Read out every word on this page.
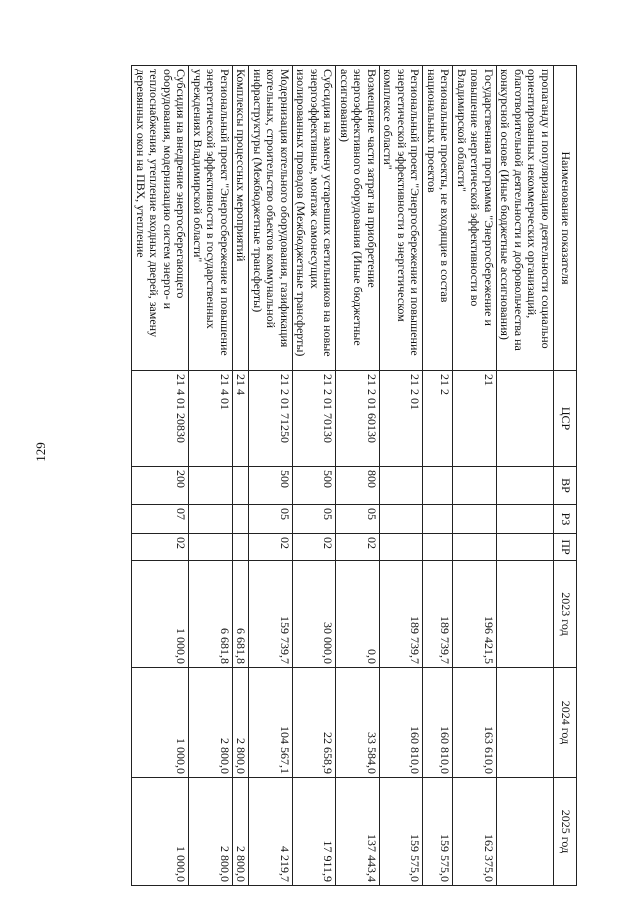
129
Наименование показателя	ЦСР	ВР	РЗ	ПР	2023 год	2024 год	2025 год
пропаганду и популяризацию деятельности социально ориентированных некоммерческих организаций, благотворительной деятельности и добровольчества на конкурсной основе (Иные бюджетные ассигнования)							
Государственная программа "Энергосбережение и повышение энергетической эффективности во Владимирской области"	21				196 421,5	163 610,0	162 375,0
Региональные проекты, не входящие в состав национальных проектов	21 2				189 739,7	160 810,0	159 575,0
Региональный проект "Энергосбережение и повышение энергетической эффективности в энергетическом комплексе области"	21 2 01				189 739,7	160 810,0	159 575,0
Возмещение части затрат на приобретение энергоэффективного оборудования (Иные бюджетные ассигнования)	21 2 01 60130	800	05	02	0,0	33 584,0	137 443,4
Субсидия на замену устаревших светильников на новые энергоэффективные, монтаж самонесущих изолированных проводов (Межбюджетные трансферты)	21 2 01 70130	500	05	02	30 000,0	22 658,9	17 911,9
Модернизация котельного оборудования, газификация котельных, строительство объектов коммунальной инфраструктуры (Межбюджетные трансферты)	21 2 01 71250	500	05	02	159 739,7	104 567,1	4 219,7
Комплексы процессных мероприятий	21 4				6 681,8	2 800,0	2 800,0
Региональный проект "Энергосбережение и повышение энергетической эффективности в государственных учреждениях Владимирской области"	21 4 01				6 681,8	2 800,0	2 800,0
Субсидия на внедрение энергосберегающего оборудования, модернизацию систем энерго- и теплоснабжения, утепление входных дверей, замену деревянных окон на ПВХ, утепление	21 4 01 20830	200	07	02	1 000,0	1 000,0	1 000,0
